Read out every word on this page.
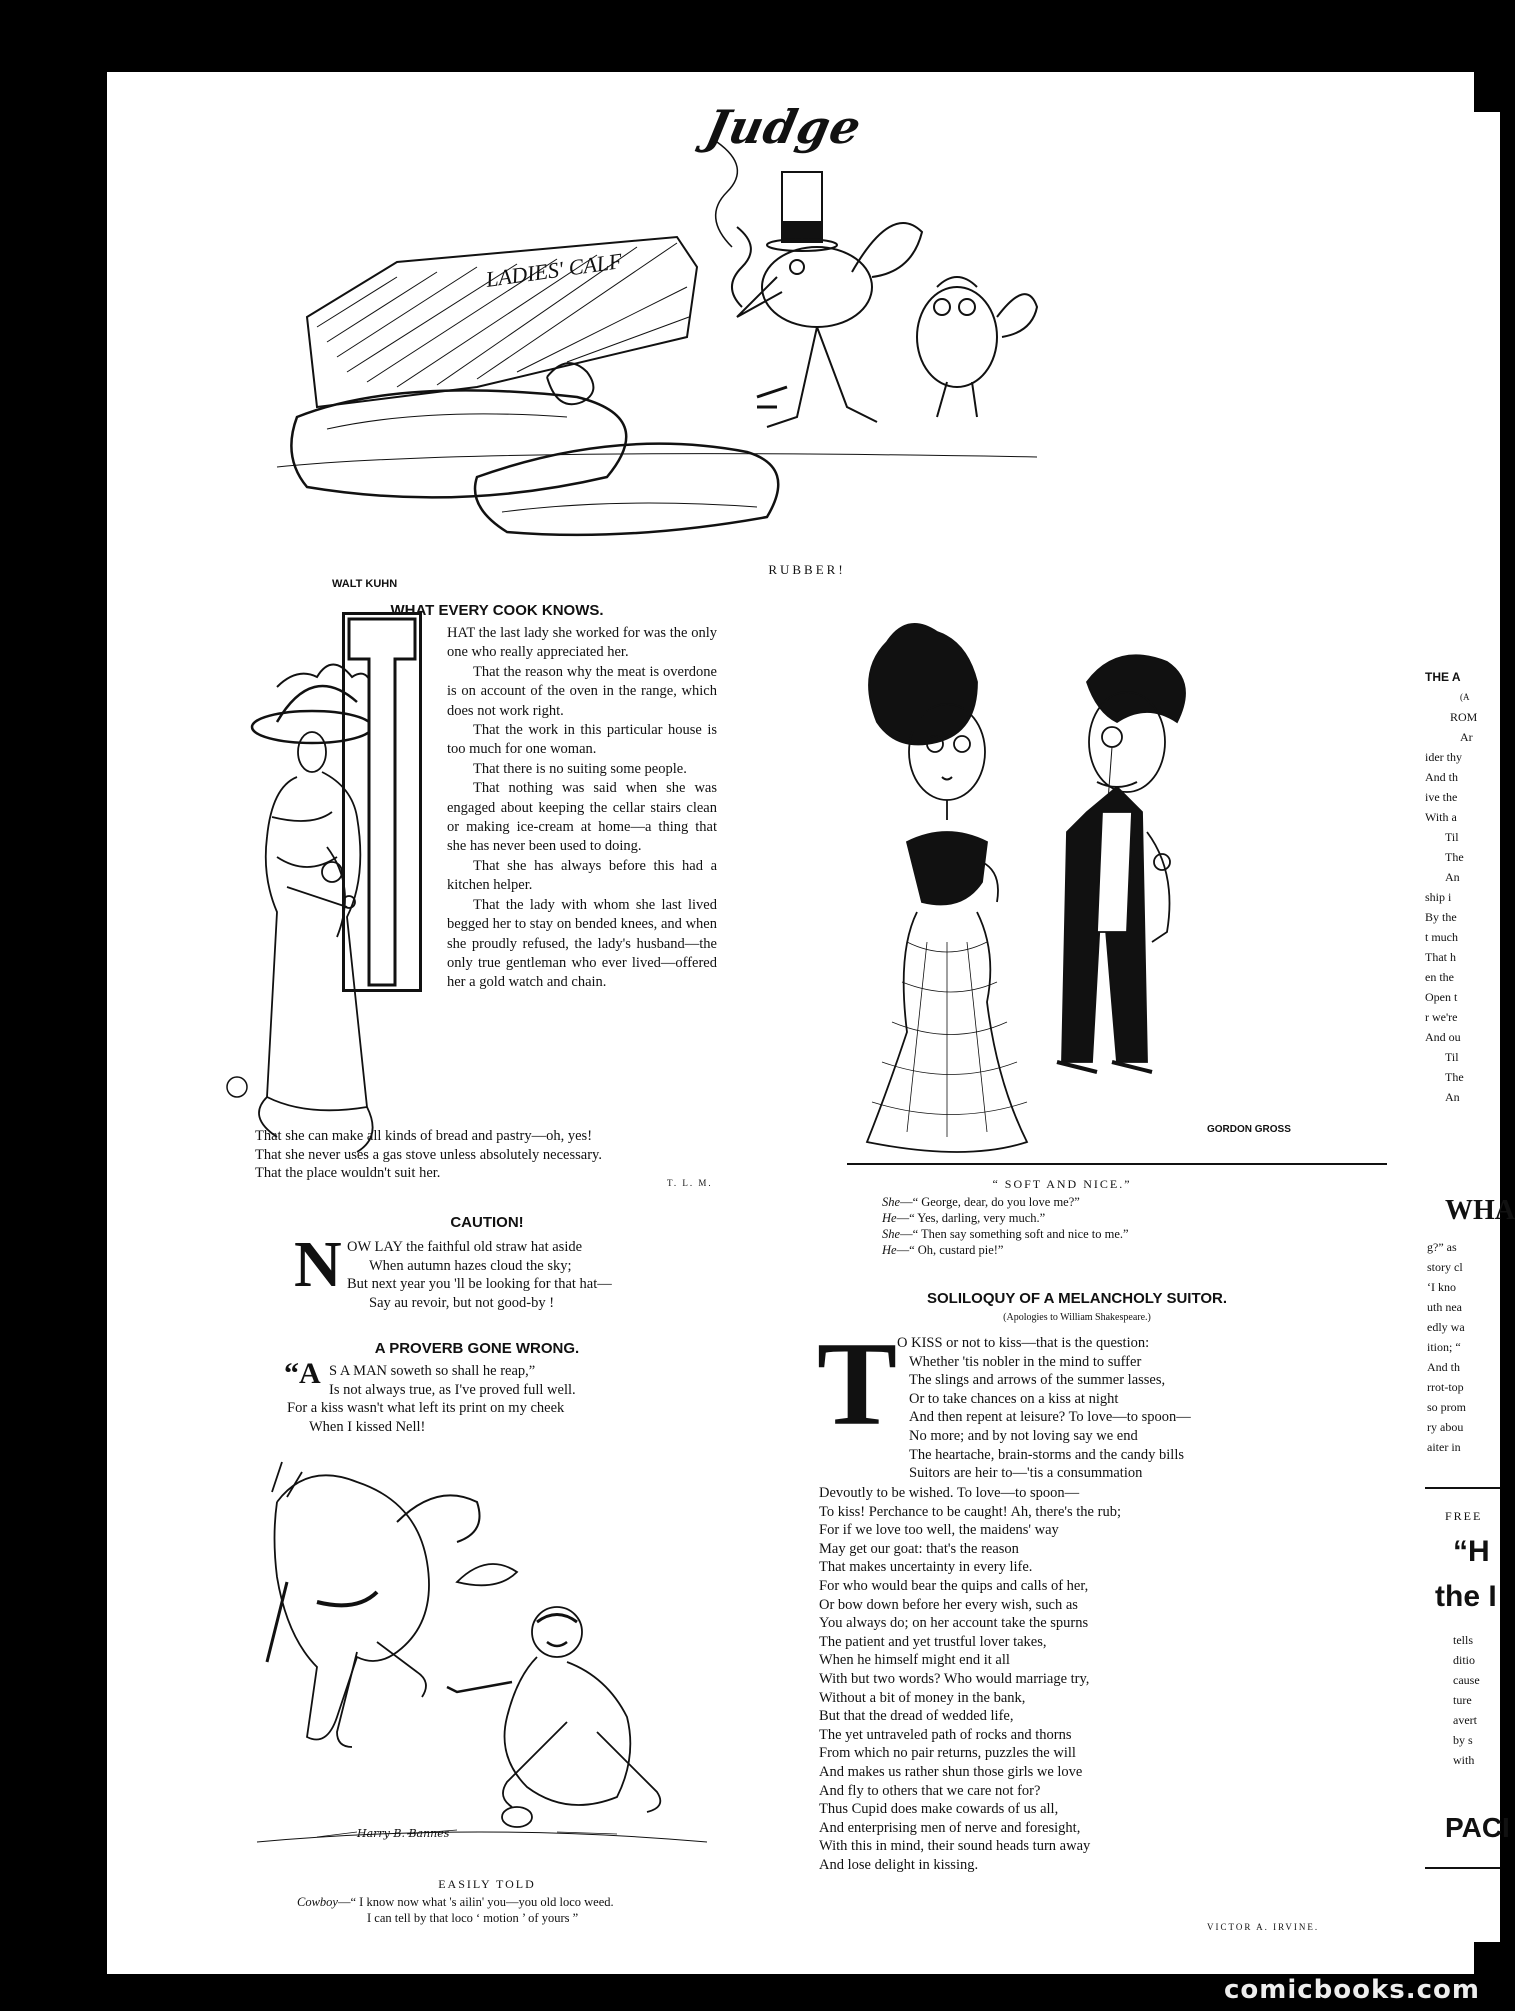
Judge
LADIES' CALF
WALT KUHN
RUBBER!
WHAT EVERY COOK KNOWS.

HAT the last lady she worked for was the only one who really appreciated her.

That the reason why the meat is overdone is on account of the oven in the range, which does not work right.

That the work in this particular house is too much for one woman.

That there is no suiting some people.

That nothing was said when she was engaged about keeping the cellar stairs clean or making ice-cream at home—a thing that she has never been used to doing.

That she has always before this had a kitchen helper.

That the lady with whom she last lived begged her to stay on bended knees, and when she proudly refused, the lady's husband—the only true gentleman who ever lived—offered her a gold watch and chain.

That she can make all kinds of bread and pastry—oh, yes!
That she never uses a gas stove unless absolutely necessary.
That the place wouldn't suit her.
T. L. M.
CAUTION!
N OW LAY the faithful old straw hat aside
When autumn hazes cloud the sky;
But next year you 'll be looking for that hat—
Say au revoir, but not good-by !
A PROVERB GONE WRONG.
“A S A MAN soweth so shall he reap,”
Is not always true, as I've proved full well.
For a kiss wasn't what left its print on my cheek
When I kissed Nell!
Harry B. Bannes
EASILY TOLD
Cowboy—“ I know now what 's ailin' you—you old loco weed.
I can tell by that loco ‘ motion ’ of yours ”
GORDON GROSS
“ SOFT AND NICE.”
She—“ George, dear, do you love me?”
He—“ Yes, darling, very much.”
She—“ Then say something soft and nice to me.”
He—“ Oh, custard pie!”
SOLILOQUY OF A MELANCHOLY SUITOR.
(Apologies to William Shakespeare.)
T O KISS or not to kiss—that is the question:
Whether 'tis nobler in the mind to suffer
The slings and arrows of the summer lasses,
Or to take chances on a kiss at night
And then repent at leisure? To love—to spoon—
No more; and by not loving say we end
The heartache, brain-storms and the candy bills
Suitors are heir to—'tis a consummation
Devoutly to be wished. To love—to spoon—
To kiss! Perchance to be caught! Ah, there's the rub;
For if we love too well, the maidens' way
May get our goat: that's the reason
That makes uncertainty in every life.
For who would bear the quips and calls of her,
Or bow down before her every wish, such as
You always do; on her account take the spurns
The patient and yet trustful lover takes,
When he himself might end it all
With but two words? Who would marriage try,
Without a bit of money in the bank,
But that the dread of wedded life,
The yet untraveled path of rocks and thorns
From which no pair returns, puzzles the will
And makes us rather shun those girls we love
And fly to others that we care not for?
Thus Cupid does make cowards of us all,
And enterprising men of nerve and foresight,
With this in mind, their sound heads turn away
And lose delight in kissing.
VICTOR A. IRVINE.
THE A
(A
ROM
Ar
ider thy
And th
ive the
With a
Til
The
An
ship i
By the
t much
That h
en the
Open t
r we're
And ou
Til
The
An
WHA
g?” as
story cl
‘I kno
uth nea
edly wa
ition; “
And th
rrot-top
so prom
ry abou
aiter in
FREE
“H
the I
tells
ditio
cause
ture
avert
by s
with
PACI
comicbooks.com
